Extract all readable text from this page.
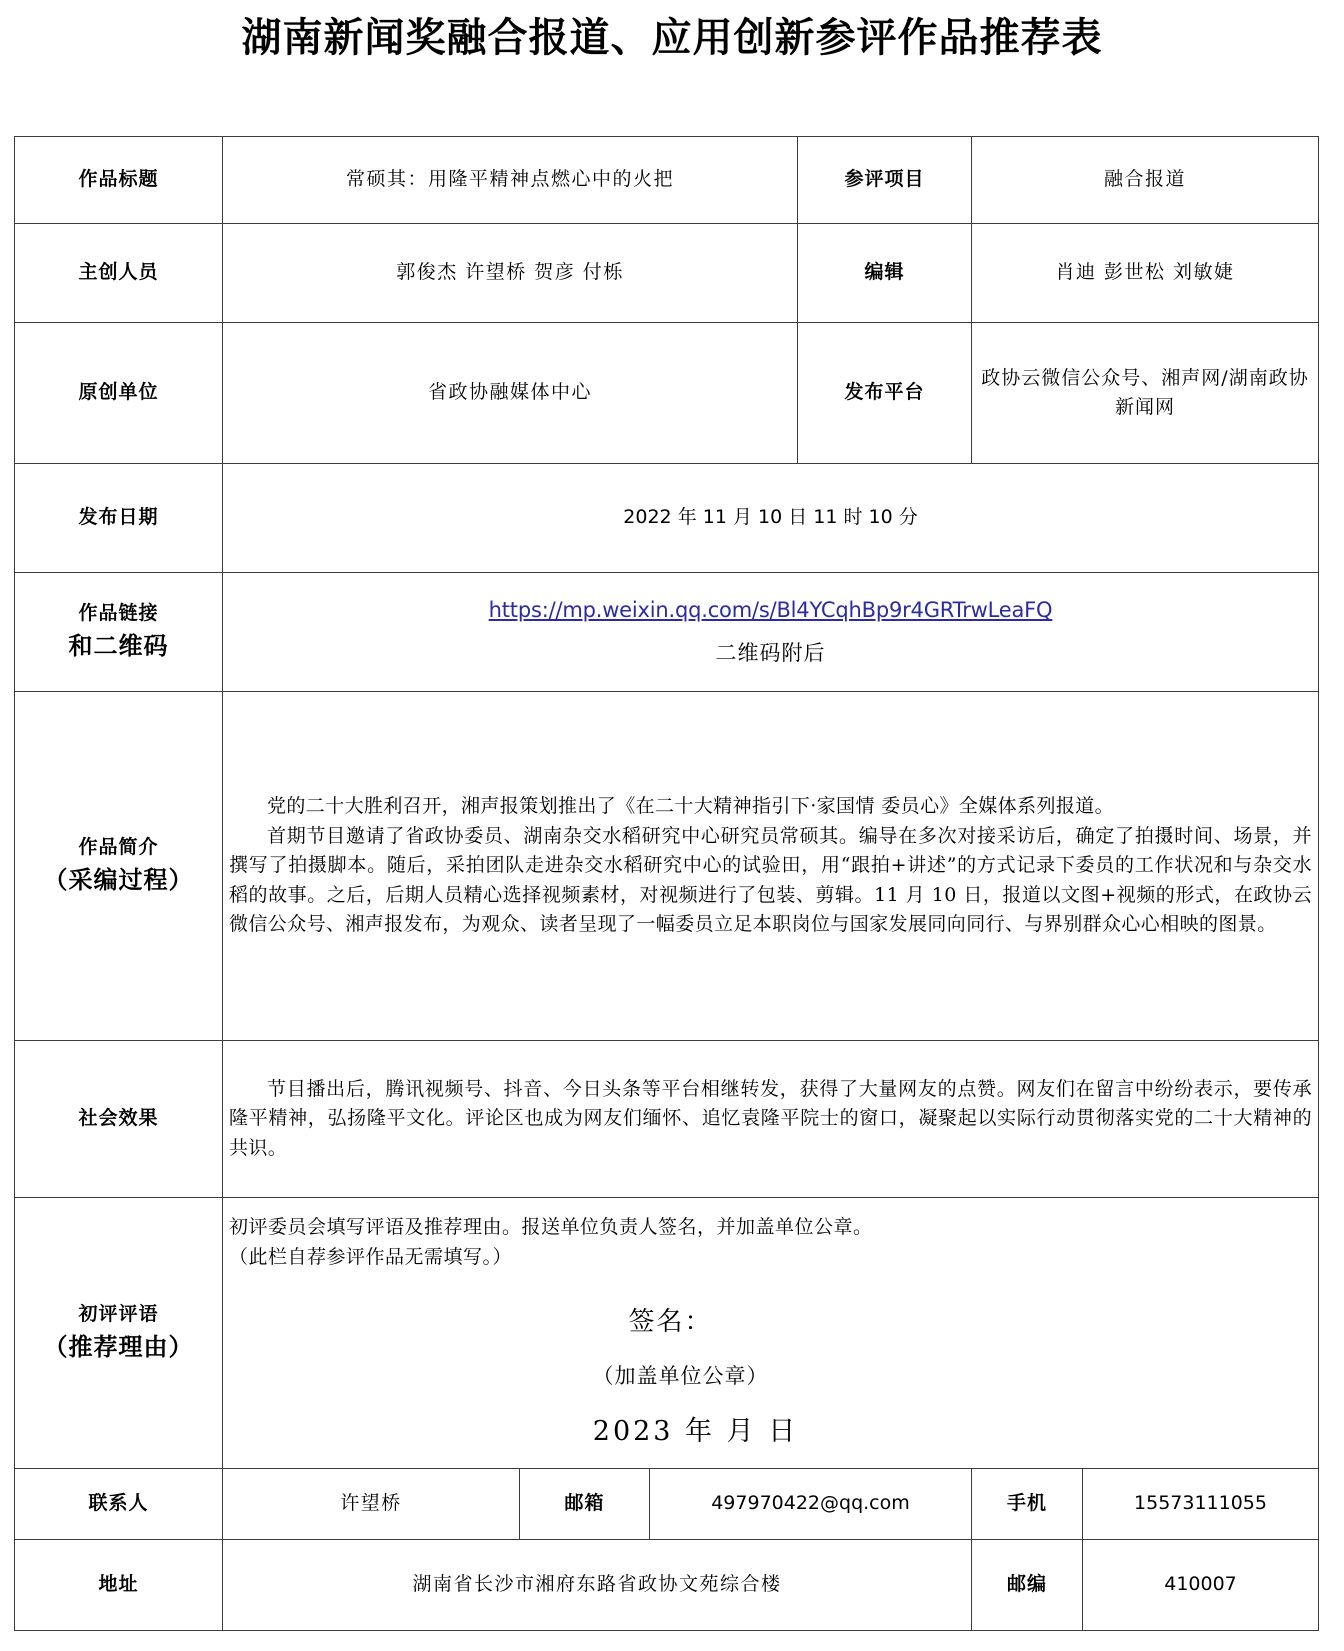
湖南新闻奖融合报道、应用创新参评作品推荐表
作品标题	常硕其：用隆平精神点燃心中的火把			参评项目	融合报道	
主创人员	郭俊杰 许望桥 贺彦 付栎			编辑	肖迪 彭世松 刘敏婕	
原创单位	省政协融媒体中心			发布平台	政协云微信公众号、湘声网/湖南政协新闻网	
发布日期	2022 年 11 月 10 日 11 时 10 分					
作品链接
和二维码	https://mp.weixin.qq.com/s/Bl4YCqhBp9r4GRTrwLeaFQ
二维码附后					

作品简介
（采编过程）

党的二十大胜利召开，湘声报策划推出了《在二十大精神指引下·家国情 委员心》全媒体系列报道。

首期节目邀请了省政协委员、湖南杂交水稻研究中心研究员常硕其。编导在多次对接采访后，确定了拍摄时间、场景，并撰写了拍摄脚本。随后，采拍团队走进杂交水稻研究中心的试验田，用“跟拍+讲述”的方式记录下委员的工作状况和与杂交水稻的故事。之后，后期人员精心选择视频素材，对视频进行了包装、剪辑。11 月 10 日，报道以文图+视频的形式，在政协云微信公众号、湘声报发布，为观众、读者呈现了一幅委员立足本职岗位与国家发展同向同行、与界别群众心心相映的图景。

社会效果	节目播出后，腾讯视频号、抖音、今日头条等平台相继转发，获得了大量网友的点赞。网友们在留言中纷纷表示，要传承隆平精神，弘扬隆平文化。评论区也成为网友们缅怀、追忆袁隆平院士的窗口，凝聚起以实际行动贯彻落实党的二十大精神的共识。					

初评评语
（推荐理由）

初评委员会填写评语及推荐理由。报送单位负责人签名，并加盖单位公章。

（此栏自荐参评作品无需填写。）

签名：
（加盖单位公章）
2023 年 月 日

联系人	许望桥	邮箱	497970422@qq.com		手机	15573111055
地址	湖南省长沙市湘府东路省政协文苑综合楼				邮编	410007
